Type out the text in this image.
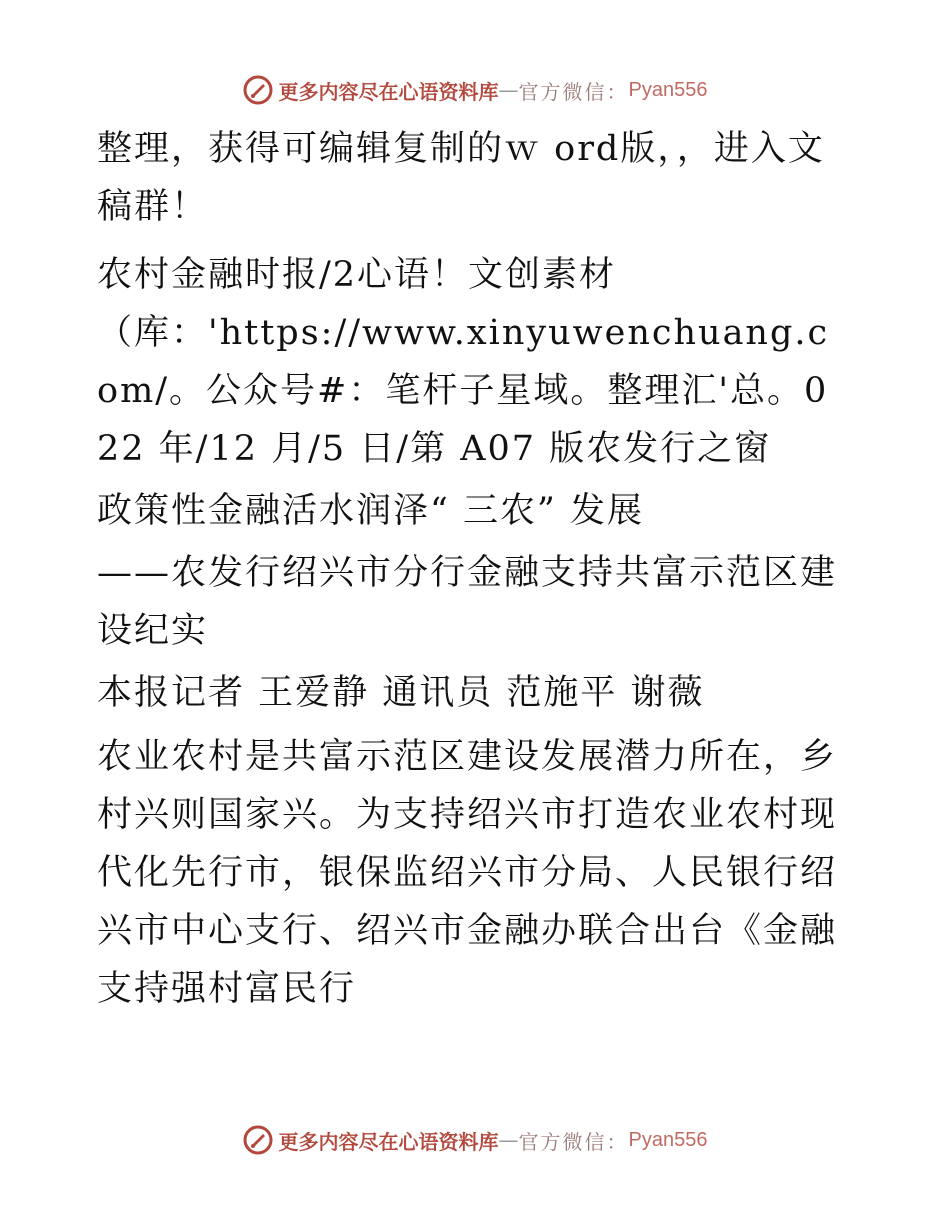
更多内容尽在心语资料库 — 官方微信： Pyan556

整理，获得可编辑复制的ｗ ord版，，进入文稿群！

农村金融时报/2心语！文创素材

（库：'https://www.xinyuwenchuang.com/。公众号#：笔杆子星域。整理汇'总。022 年/12 月/5 日/第 A07 版农发行之窗

政策性金融活水润泽“ 三农” 发展

——农发行绍兴市分行金融支持共富示范区建设纪实

本报记者 王爱静 通讯员 范施平 谢薇

农业农村是共富示范区建设发展潜力所在，乡村兴则国家兴。为支持绍兴市打造农业农村现代化先行市，银保监绍兴市分局、人民银行绍兴市中心支行、绍兴市金融办联合出台《金融支持强村富民行

更多内容尽在心语资料库 — 官方微信： Pyan556
